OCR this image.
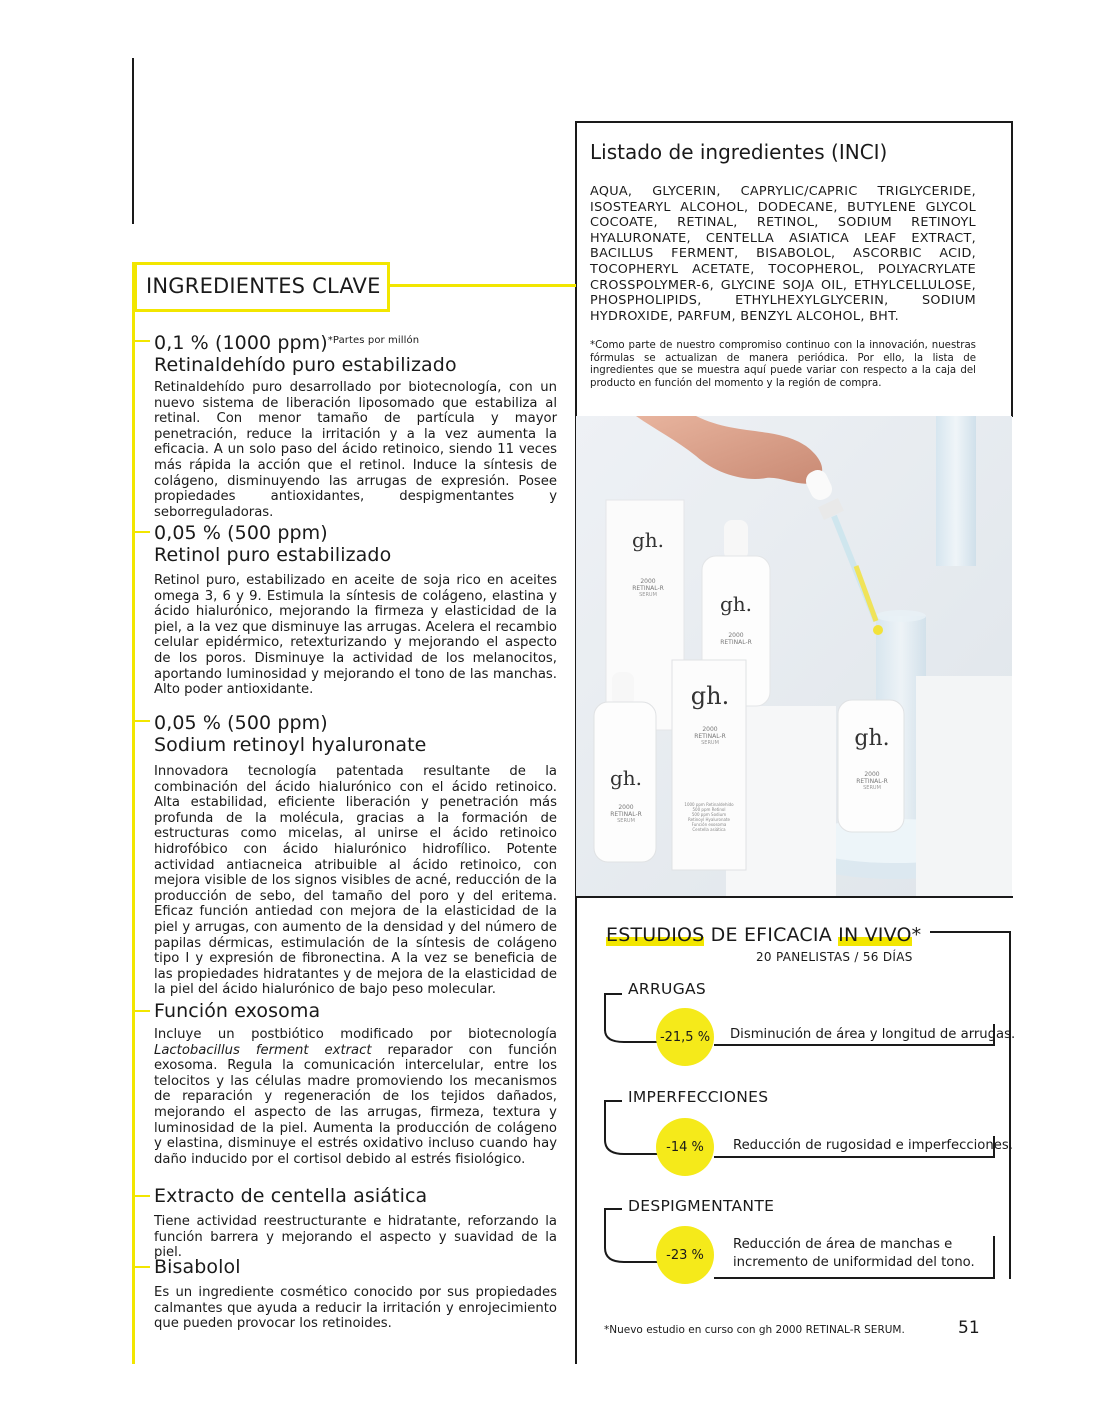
INGREDIENTES CLAVE
0,1 % (1000 ppm)$^{*Partes por millón}$
Retinaldehído puro estabilizado
Retinaldehído puro desarrollado por biotecnología, con un nuevo sistema de liberación liposomado que estabiliza al retinal. Con menor tamaño de partícula y mayor penetración, reduce la irritación y a la vez aumenta la eficacia. A un solo paso del ácido retinoico, siendo 11 veces más rápida la acción que el retinol. Induce la síntesis de colágeno, disminuyendo las arrugas de expresión. Posee propiedades antioxidantes, despigmentantes y seborreguladoras.
0,05 % (500 ppm)
Retinol puro estabilizado
Retinol puro, estabilizado en aceite de soja rico en aceites omega 3, 6 y 9. Estimula la síntesis de colágeno, elastina y ácido hialurónico, mejorando la firmeza y elasticidad de la piel, a la vez que disminuye las arrugas. Acelera el recambio celular epidérmico, retexturizando y mejorando el aspecto de los poros. Disminuye la actividad de los melanocitos, aportando luminosidad y mejorando el tono de las manchas. Alto poder antioxidante.
0,05 % (500 ppm)
Sodium retinoyl hyaluronate
Innovadora tecnología patentada resultante de la combinación del ácido hialurónico con el ácido retinoico. Alta estabilidad, eficiente liberación y penetración más profunda de la molécula, gracias a la formación de estructuras como micelas, al unirse el ácido retinoico hidrofóbico con ácido hialurónico hidrofílico. Potente actividad antiacneica atribuible al ácido retinoico, con mejora visible de los signos visibles de acné, reducción de la producción de sebo, del tamaño del poro y del eritema. Eficaz función antiedad con mejora de la elasticidad de la piel y arrugas, con aumento de la densidad y del número de papilas dérmicas, estimulación de la síntesis de colágeno tipo I y expresión de fibronectina. A la vez se beneficia de las propiedades hidratantes y de mejora de la elasticidad de la piel del ácido hialurónico de bajo peso molecular.
Función exosoma
Incluye un postbiótico modificado por biotecnología Lactobacillus ferment extract reparador con función exosoma. Regula la comunicación intercelular, entre los telocitos y las células madre promoviendo los mecanismos de reparación y regeneración de los tejidos dañados, mejorando el aspecto de las arrugas, firmeza, textura y luminosidad de la piel. Aumenta la producción de colágeno y elastina, disminuye el estrés oxidativo incluso cuando hay daño inducido por el cortisol debido al estrés fisiológico.
Extracto de centella asiática
Tiene actividad reestructurante e hidratante, reforzando la función barrera y mejorando el aspecto y suavidad de la piel.
Bisabolol
Es un ingrediente cosmético conocido por sus propiedades calmantes que ayuda a reducir la irritación y enrojecimiento que pueden provocar los retinoides.
Listado de ingredientes (INCI)
AQUA, GLYCERIN, CAPRYLIC/CAPRIC TRIGLYCERIDE, ISOSTEARYL ALCOHOL, DODECANE, BUTYLENE GLYCOL COCOATE, RETINAL, RETINOL, SODIUM RETINOYL HYALURONATE, CENTELLA ASIATICA LEAF EXTRACT, BACILLUS FERMENT, BISABOLOL, ASCORBIC ACID, TOCOPHERYL ACETATE, TOCOPHEROL, POLYACRYLATE CROSSPOLYMER-6, GLYCINE SOJA OIL, ETHYLCELLULOSE, PHOSPHOLIPIDS, ETHYLHEXYLGLYCERIN, SODIUM HYDROXIDE, PARFUM, BENZYL ALCOHOL, BHT.
*Como parte de nuestro compromiso continuo con la innovación, nuestras fórmulas se actualizan de manera periódica. Por ello, la lista de ingredientes que se muestra aquí puede variar con respecto a la caja del producto en función del momento y la región de compra.
gh.
2000
RETINAL-R
SERUM	gh.
2000
RETINAL-R
gh.
2000
RETINAL-R
SERUM
gh.
2000
RETINAL-R
SERUM
gh.
2000
RETINAL-R
SERUM
1000 ppm Retinaldehído
500 ppm Retinol
500 ppm Sodium
Retinoyl Hyaluronate
Función exosoma
Centella asiática
ESTUDIOS DE EFICACIA IN VIVO*
20 PANELISTAS / 56 DÍAS
ARRUGAS
-21,5 % Disminución de área y longitud de arrugas.
IMPERFECCIONES
-14 %	Reducción de rugosidad e imperfecciones.
DESPIGMENTANTE
-23 %
Reducción de área de manchas e
incremento de uniformidad del tono.
*Nuevo estudio en curso con gh 2000 RETINAL-R SERUM.	51
